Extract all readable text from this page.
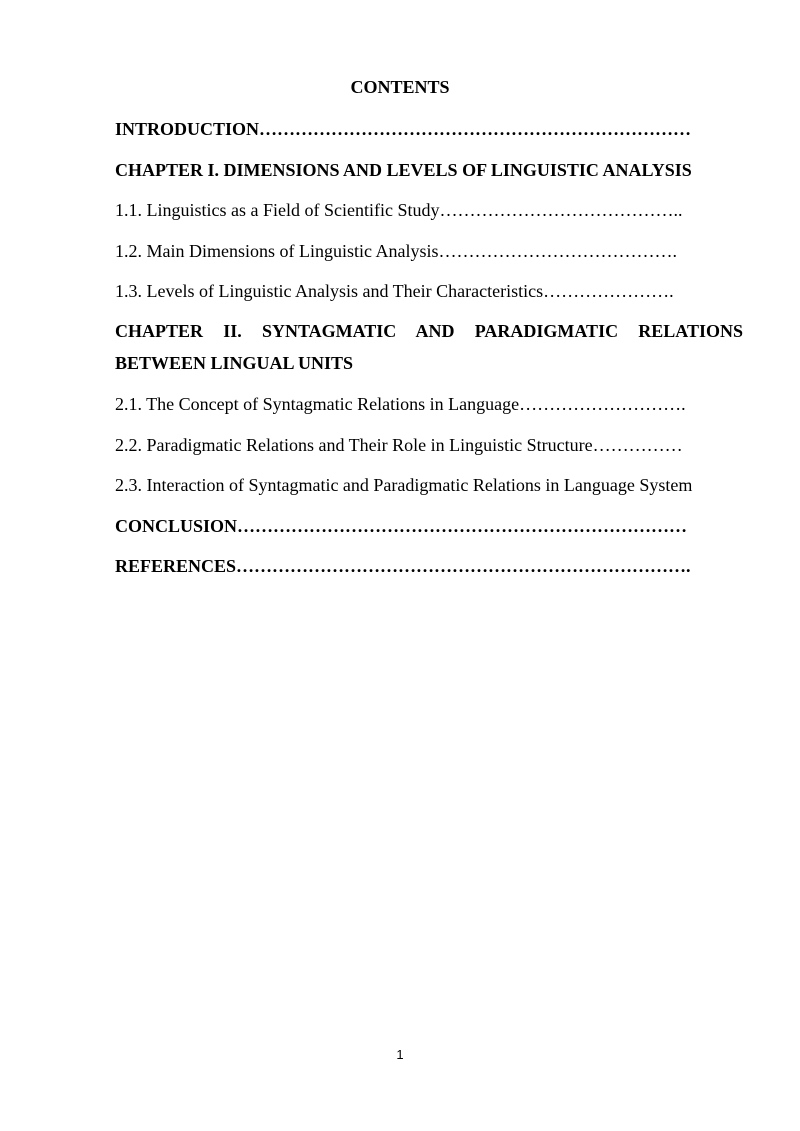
CONTENTS
INTRODUCTION………………………………………………………………
CHAPTER I. DIMENSIONS AND LEVELS OF LINGUISTIC ANALYSIS
1.1. Linguistics as a Field of Scientific Study…………………………………..
1.2. Main Dimensions of Linguistic Analysis………………………………….
1.3. Levels of Linguistic Analysis and Their Characteristics………………….
CHAPTER II. SYNTAGMATIC AND PARADIGMATIC RELATIONS BETWEEN LINGUAL UNITS
2.1. The Concept of Syntagmatic Relations in Language……………………….
2.2. Paradigmatic Relations and Their Role in Linguistic Structure……………
2.3. Interaction of Syntagmatic and Paradigmatic Relations in Language System
CONCLUSION…………………………………………………………………
REFERENCES………………………………………………………………….
1
